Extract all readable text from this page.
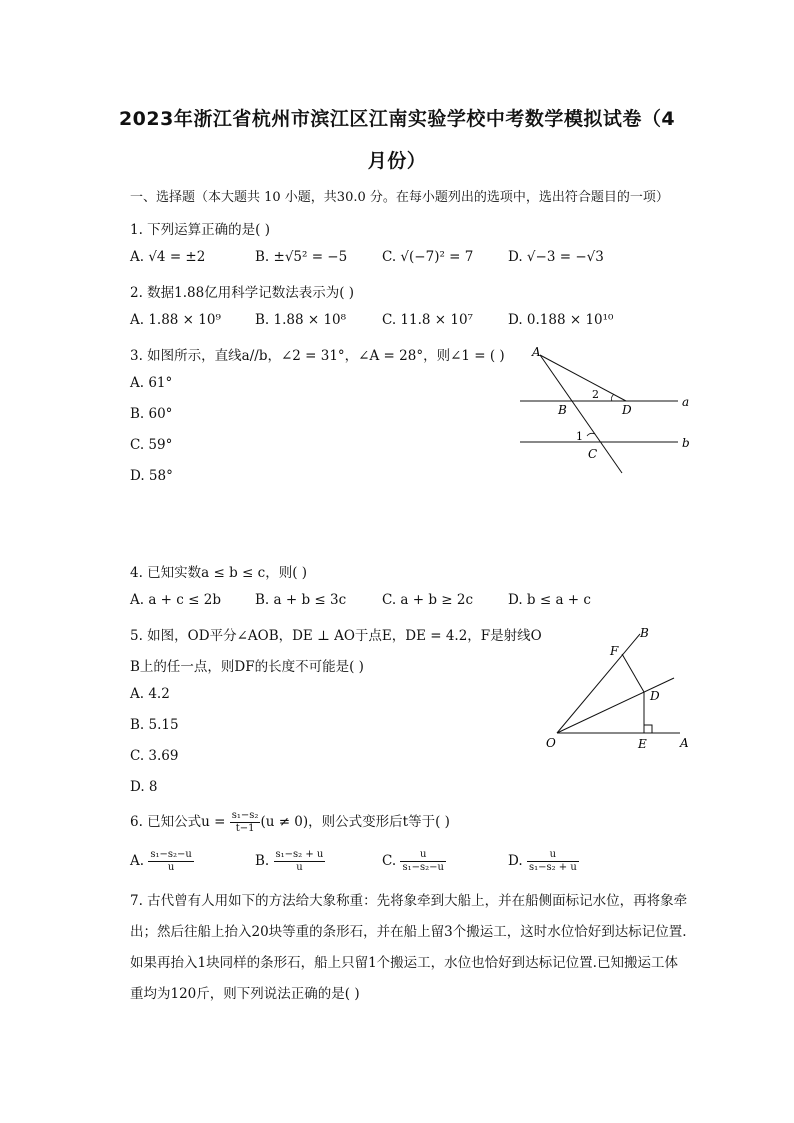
2023年浙江省杭州市滨江区江南实验学校中考数学模拟试卷（4
月份）
一、选择题（本大题共 10 小题，共30.0 分。在每小题列出的选项中，选出符合题目的一项）
1. 下列运算正确的是( )
A. √4 = ±2	B. ±√5² = −5	C. √(−7)² = 7	D. √−3 = −√3
2. 数据1.88亿用科学记数法表示为( )
A. 1.88 × 10⁹	B. 1.88 × 10⁸	C. 11.8 × 10⁷	D. 0.188 × 10¹⁰
3. 如图所示，直线a//b，∠2 = 31°，∠A = 28°，则∠1 = ( )
A. 61°
B. 60°
C. 59°
D. 58°
A
B	D
C
a
b
2
1
4. 已知实数a ≤ b ≤ c，则( )
A. a + c ≤ 2b	B. a + b ≤ 3c	C. a + b ≥ 2c	D. b ≤ a + c
5. 如图，OD平分∠AOB，DE ⊥ AO于点E，DE = 4.2，F是射线O
B上的任一点，则DF的长度不可能是( )
A. 4.2
B. 5.15
C. 3.69
D. 8
O	E	A
D
F
B
6. 已知公式$u = \frac{\text{s₁−s₂}}{t-1} (u \ne 0)$，则公式变形后t等于( )
A. $\frac{\text{s₁−s₂−u}}{u}$	B. $\frac{\text{s₁−s₂ + u}}{u}$	C. $\frac{u}{\text{s₁−s₂−u}}$	D. $\frac{u}{\text{s₁−s₂ + u}}$
7. 古代曾有人用如下的方法给大象称重：先将象牵到大船上，并在船侧面标记水位，再将象牵出；然后往船上抬入20块等重的条形石，并在船上留3个搬运工，这时水位恰好到达标记位置.如果再抬入1块同样的条形石，船上只留1个搬运工，水位也恰好到达标记位置.已知搬运工体重均为120斤，则下列说法正确的是( )
